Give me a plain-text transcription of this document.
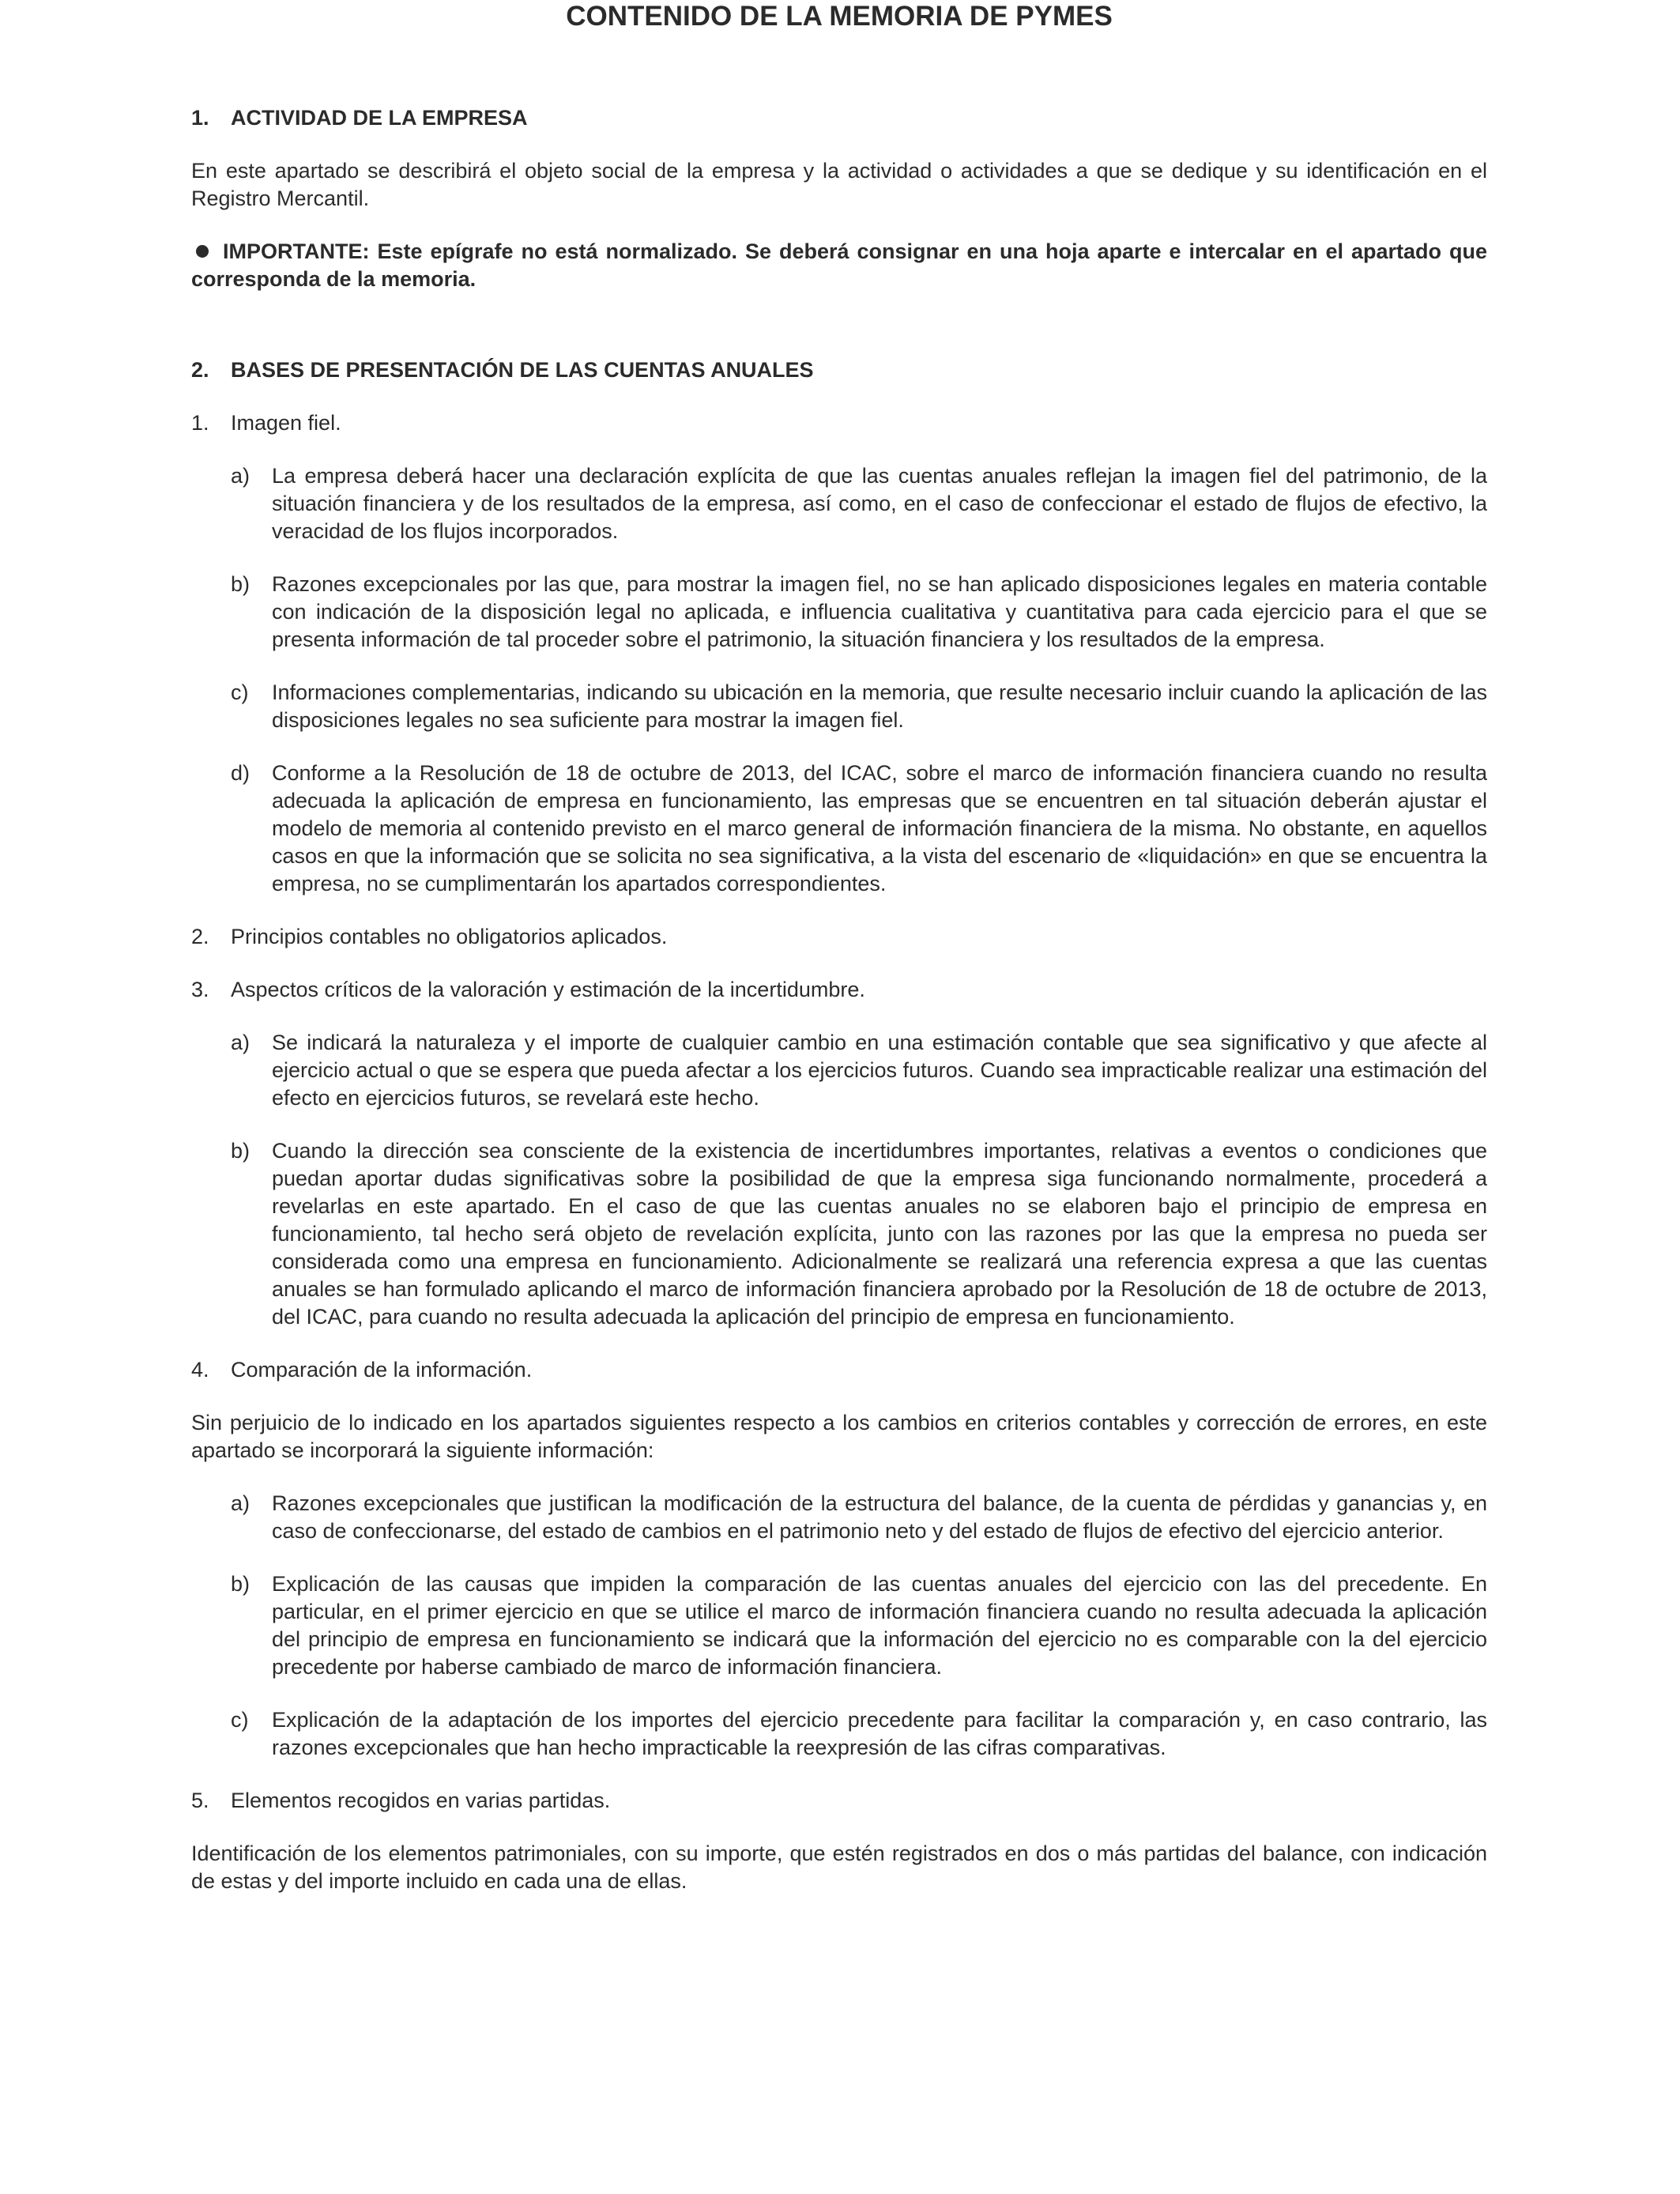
CONTENIDO DE LA MEMORIA DE PYMES
1.	ACTIVIDAD DE LA EMPRESA

En este apartado se describirá el objeto social de la empresa y la actividad o actividades a que se dedique y su identificación en el Registro Mercantil.

IMPORTANTE: Este epígrafe no está normalizado. Se deberá consignar en una hoja aparte e intercalar en el apartado que corresponda de la memoria.

2.	BASES DE PRESENTACIÓN DE LAS CUENTAS ANUALES
1.	Imagen fiel.
a)	La empresa deberá hacer una declaración explícita de que las cuentas anuales reflejan la imagen fiel del patrimonio, de la situación financiera y de los resultados de la empresa, así como, en el caso de confeccionar el estado de flujos de efectivo, la veracidad de los flujos incorporados.
b)	Razones excepcionales por las que, para mostrar la imagen fiel, no se han aplicado disposiciones legales en materia contable con indicación de la disposición legal no aplicada, e influencia cualitativa y cuantitativa para cada ejercicio para el que se presenta información de tal proceder sobre el patrimonio, la situación financiera y los resultados de la empresa.
c)	Informaciones complementarias, indicando su ubicación en la memoria, que resulte necesario incluir cuando la aplicación de las disposiciones legales no sea suficiente para mostrar la imagen fiel.
d)	Conforme a la Resolución de 18 de octubre de 2013, del ICAC, sobre el marco de información financiera cuando no resulta adecuada la aplicación de empresa en funcionamiento, las empresas que se encuentren en tal situación deberán ajustar el modelo de memoria al contenido previsto en el marco general de información financiera de la misma. No obstante, en aquellos casos en que la información que se solicita no sea significativa, a la vista del escenario de «liquidación» en que se encuentra la empresa, no se cumplimentarán los apartados correspondientes.
2.	Principios contables no obligatorios aplicados.
3.	Aspectos críticos de la valoración y estimación de la incertidumbre.
a)	Se indicará la naturaleza y el importe de cualquier cambio en una estimación contable que sea significativo y que afecte al ejercicio actual o que se espera que pueda afectar a los ejercicios futuros. Cuando sea impracticable realizar una estimación del efecto en ejercicios futuros, se revelará este hecho.
b)	Cuando la dirección sea consciente de la existencia de incertidumbres importantes, relativas a eventos o condiciones que puedan aportar dudas significativas sobre la posibilidad de que la empresa siga funcionando normalmente, procederá a revelarlas en este apartado. En el caso de que las cuentas anuales no se elaboren bajo el principio de empresa en funcionamiento, tal hecho será objeto de revelación explícita, junto con las razones por las que la empresa no pueda ser considerada como una empresa en funcionamiento. Adicionalmente se realizará una referencia expresa a que las cuentas anuales se han formulado aplicando el marco de información financiera aprobado por la Resolución de 18 de octubre de 2013, del ICAC, para cuando no resulta adecuada la aplicación del principio de empresa en funcionamiento.
4.	Comparación de la información.

Sin perjuicio de lo indicado en los apartados siguientes respecto a los cambios en criterios contables y corrección de errores, en este apartado se incorporará la siguiente información:

a)	Razones excepcionales que justifican la modificación de la estructura del balance, de la cuenta de pérdidas y ganancias y, en caso de confeccionarse, del estado de cambios en el patrimonio neto y del estado de flujos de efectivo del ejercicio anterior.
b)	Explicación de las causas que impiden la comparación de las cuentas anuales del ejercicio con las del precedente. En particular, en el primer ejercicio en que se utilice el marco de información financiera cuando no resulta adecuada la aplicación del principio de empresa en funcionamiento se indicará que la información del ejercicio no es comparable con la del ejercicio precedente por haberse cambiado de marco de información financiera.
c)	Explicación de la adaptación de los importes del ejercicio precedente para facilitar la comparación y, en caso contrario, las razones excepcionales que han hecho impracticable la reexpresión de las cifras comparativas.
5.	Elementos recogidos en varias partidas.

Identificación de los elementos patrimoniales, con su importe, que estén registrados en dos o más partidas del balance, con indicación de estas y del importe incluido en cada una de ellas.
